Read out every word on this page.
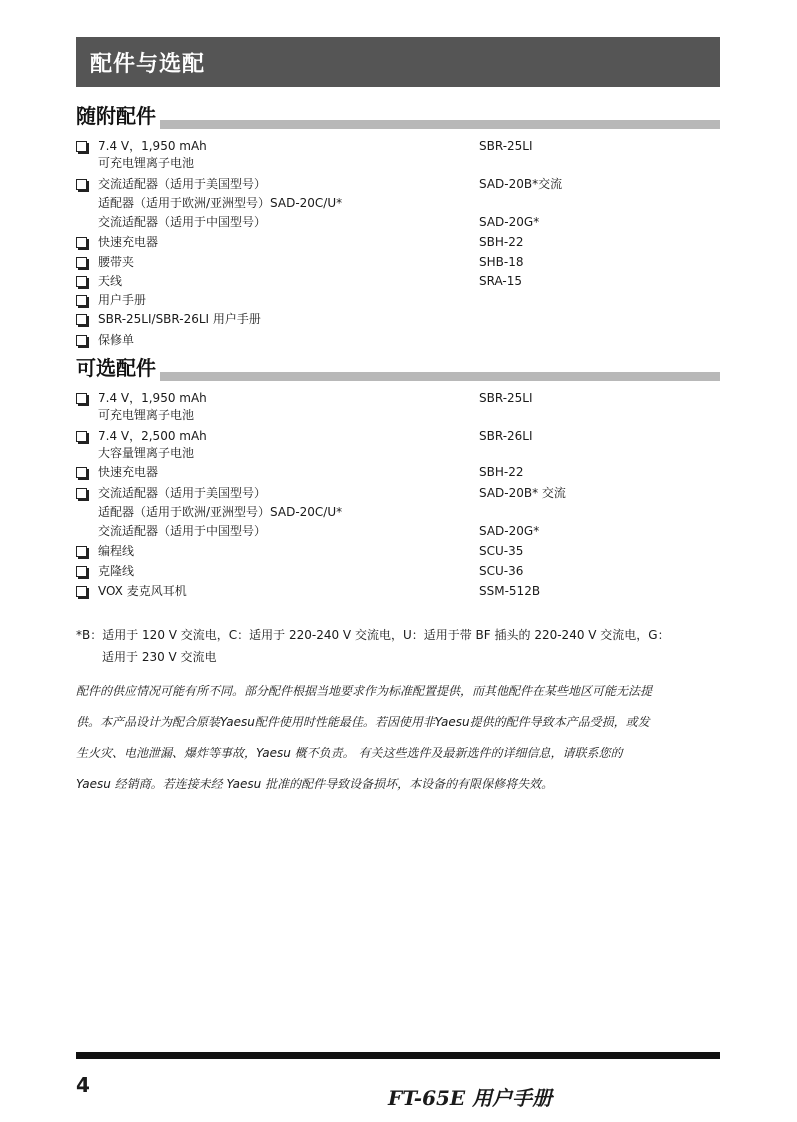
配件与选配
随附配件
7.4 V，1,950 mAh	SBR-25LI
可充电锂离子电池
交流适配器（适用于美国型号）	SAD-20B*交流
适配器（适用于欧洲/亚洲型号）SAD-20C/U*
交流适配器（适用于中国型号）	SAD-20G*
快速充电器	SBH-22
腰带夹	SHB-18
天线	SRA-15
用户手册
SBR-25LI/SBR-26LI 用户手册
保修单
可选配件
7.4 V，1,950 mAh	SBR-25LI
可充电锂离子电池
7.4 V，2,500 mAh	SBR-26LI
大容量锂离子电池
快速充电器	SBH-22
交流适配器（适用于美国型号）	SAD-20B* 交流
适配器（适用于欧洲/亚洲型号）SAD-20C/U*
交流适配器（适用于中国型号）	SAD-20G*
编程线	SCU-35
克隆线	SCU-36
VOX 麦克风耳机	SSM-512B
*B：适用于 120 V 交流电，C：适用于 220-240 V 交流电，U：适用于带 BF 插头的 220-240 V 交流电，G：
适用于 230 V 交流电
配件的供应情况可能有所不同。部分配件根据当地要求作为标准配置提供，而其他配件在某些地区可能无法提
供。本产品设计为配合原装Yaesu配件使用时性能最佳。若因使用非Yaesu提供的配件导致本产品受损，或发
生火灾、电池泄漏、爆炸等事故，Yaesu 概不负责。 有关这些选件及最新选件的详细信息，请联系您的
Yaesu 经销商。若连接未经 Yaesu 批准的配件导致设备损坏，本设备的有限保修将失效。
4
FT-65E 用户手册
